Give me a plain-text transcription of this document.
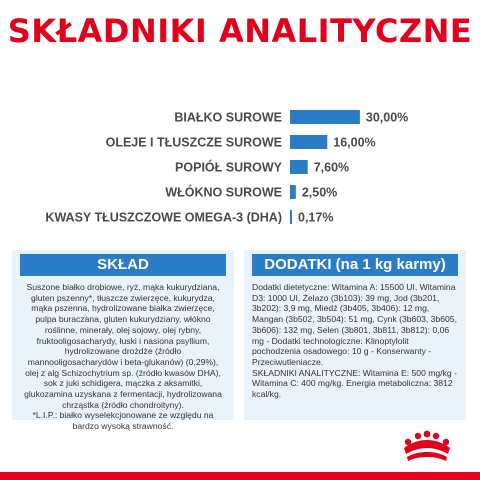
SKŁADNIKI ANALITYCZNE
BIAŁKO SUROWE	30,00%
OLEJE I TŁUSZCZE SUROWE	16,00%
POPIÓŁ SUROWY	7,60%
WŁÓKNO SUROWE 2,50%
KWASY TŁUSZCZOWE OMEGA-3 (DHA) 0,17%
SKŁAD

Suszone białko drobiowe, ryż, mąka kukurydziana, gluten pszenny*, tłuszcze zwierzęce, kukurydza, mąka pszenna, hydrolizowane białka zwierzęce, pulpa buraczana, gluten kukurydziany, włókno roślinne, minerały, olej sojowy, olej rybny, fruktooligosacharydy, łuski i nasiona psyllium, hydrolizowane drożdże (źródło mannooligosacharydów i beta-glukanów) (0,29%), olej z alg Schizochytrium sp. (źródło kwasów DHA), sok z juki schidigera, mączka z aksamitki, glukozamina uzyskana z fermentacji, hydrolizowana chrząstka (źródło chondroityny).

*L.I.P.: białko wyselekcjonowane ze względu na bardzo wysoką strawność.

DODATKI (na 1 kg karmy)

Dodatki dietetyczne: Witamina A: 15500 UI, Witamina D3: 1000 UI, Żelazo (3b103): 39 mg, Jod (3b201, 3b202): 3,9 mg, Miedź (3b405, 3b406): 12 mg, Mangan (3b502, 3b504): 51 mg, Cynk (3b603, 3b605, 3b606): 132 mg, Selen (3b801, 3b811, 3b812): 0,06 mg - Dodatki technologiczne: Klinoptylolit pochodzenia osadowego: 10 g - Konserwanty - Przeciwutleniacze.

SKŁADNIKI ANALITYCZNE: Witamina E: 500 mg/kg - Witamina C: 400 mg/kg. Energia metaboliczna: 3812 kcal/kg.
